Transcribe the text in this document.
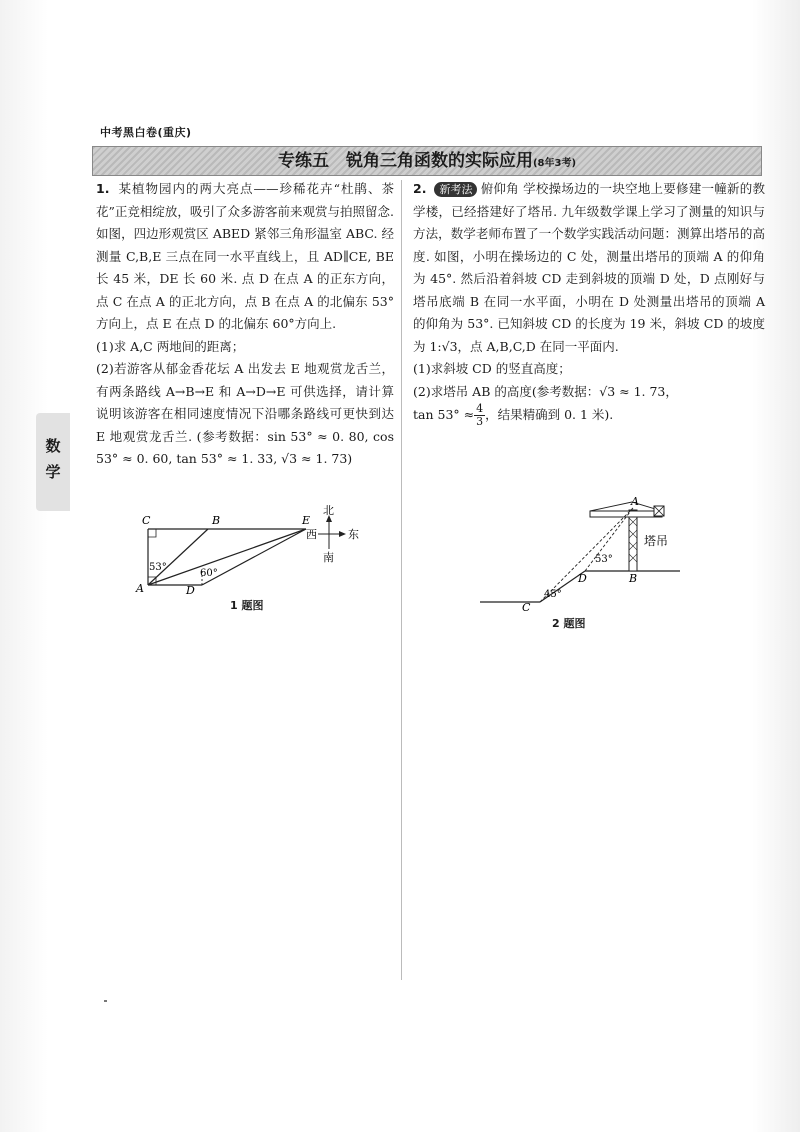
中考黑白卷(重庆)
专练五　锐角三角函数的实际应用(8年3考)
数
学

1. 某植物园内的两大亮点——珍稀花卉“杜鹃、茶花”正竞相绽放，吸引了众多游客前来观赏与拍照留念. 如图，四边形观赏区 ABED 紧邻三角形温室 ABC. 经测量 C,B,E 三点在同一水平直线上，且 AD∥CE, BE 长 45 米，DE 长 60 米. 点 D 在点 A 的正东方向，点 C 在点 A 的正北方向，点 B 在点 A 的北偏东 53°方向上，点 E 在点 D 的北偏东 60°方向上.

(1)求 A,C 两地间的距离；

(2)若游客从郁金香花坛 A 出发去 E 地观赏龙舌兰，有两条路线 A→B→E 和 A→D→E 可供选择，请计算说明该游客在相同速度情况下沿哪条路线可更快到达 E 地观赏龙舌兰. (参考数据：sin 53° ≈ 0. 80, cos 53° ≈ 0. 60, tan 53° ≈ 1. 33, √3 ≈ 1. 73)

C	B	E
A	D
53°
60°
北
西	东
南
1 题图

2. 新考法 俯仰角 学校操场边的一块空地上要修建一幢新的教学楼，已经搭建好了塔吊. 九年级数学课上学习了测量的知识与方法，数学老师布置了一个数学实践活动问题：测算出塔吊的高度. 如图，小明在操场边的 C 处，测量出塔吊的顶端 A 的仰角为 45°. 然后沿着斜坡 CD 走到斜坡的顶端 D 处，D 点刚好与塔吊底端 B 在同一水平面，小明在 D 处测量出塔吊的顶端 A 的仰角为 53°. 已知斜坡 CD 的长度为 19 米，斜坡 CD 的坡度为 1:√3，点 A,B,C,D 在同一平面内.

(1)求斜坡 CD 的竖直高度；

(2)求塔吊 AB 的高度(参考数据：√3 ≈ 1. 73，

$\tan 53^\circ \approx \frac{4}{3}$ ，结果精确到 0. 1 米).

A
B
C
D
塔吊
53°
45°
2 题图
